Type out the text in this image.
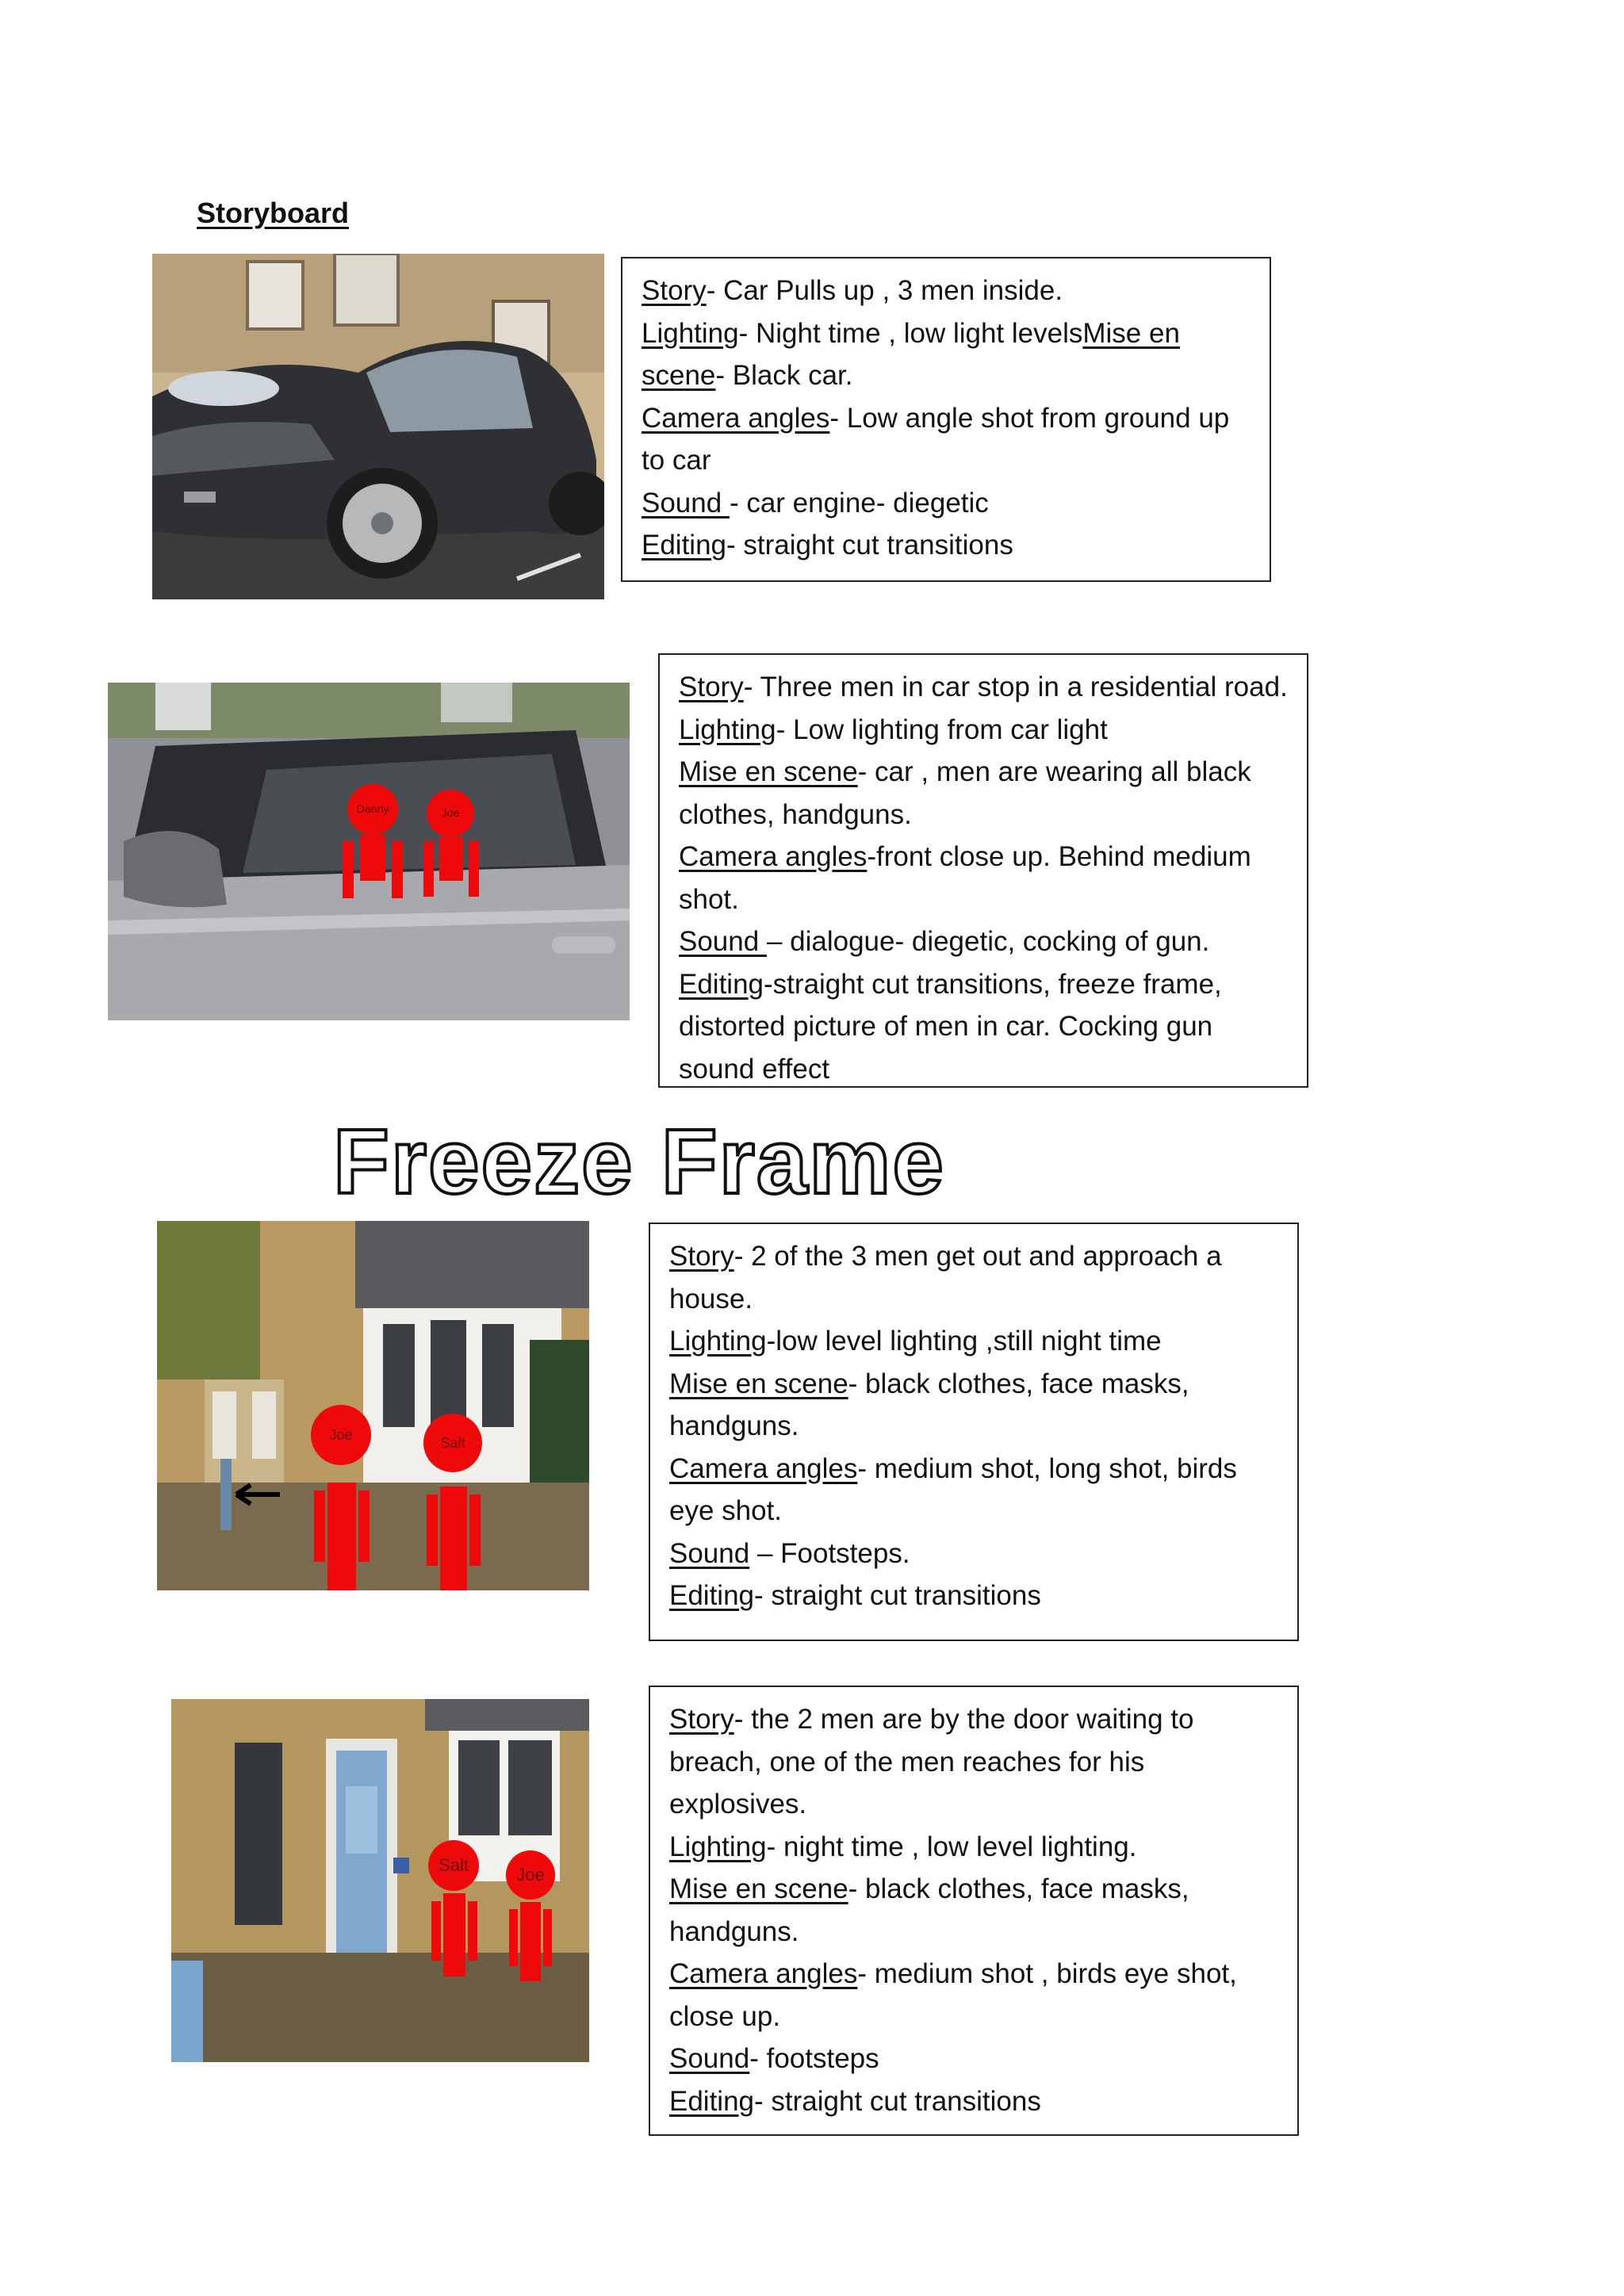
Storyboard
Story- Car Pulls up , 3 men inside.
Lighting- Night time , low light levelsMise en
scene- Black car.
Camera angles- Low angle shot from ground up
to car
Sound - car engine- diegetic
Editing- straight cut transitions
Danny	Joe
Story- Three men in car stop in a residential road.
Lighting- Low lighting from car light
Mise en scene- car , men are wearing all black
clothes, handguns.
Camera angles-front close up. Behind medium
shot.
Sound – dialogue- diegetic, cocking of gun.
Editing-straight cut transitions, freeze frame,
distorted picture of men in car. Cocking gun
sound effect
Freeze Frame
Joe	Salt
Story- 2 of the 3 men get out and approach a
house.
Lighting-low level lighting ,still night time
Mise en scene- black clothes, face masks,
handguns.
Camera angles- medium shot, long shot, birds
eye shot.
Sound – Footsteps.
Editing- straight cut transitions
Salt	Joe
Story- the 2 men are by the door waiting to
breach, one of the men reaches for his
explosives.
Lighting- night time , low level lighting.
Mise en scene- black clothes, face masks,
handguns.
Camera angles- medium shot , birds eye shot,
close up.
Sound- footsteps
Editing- straight cut transitions
